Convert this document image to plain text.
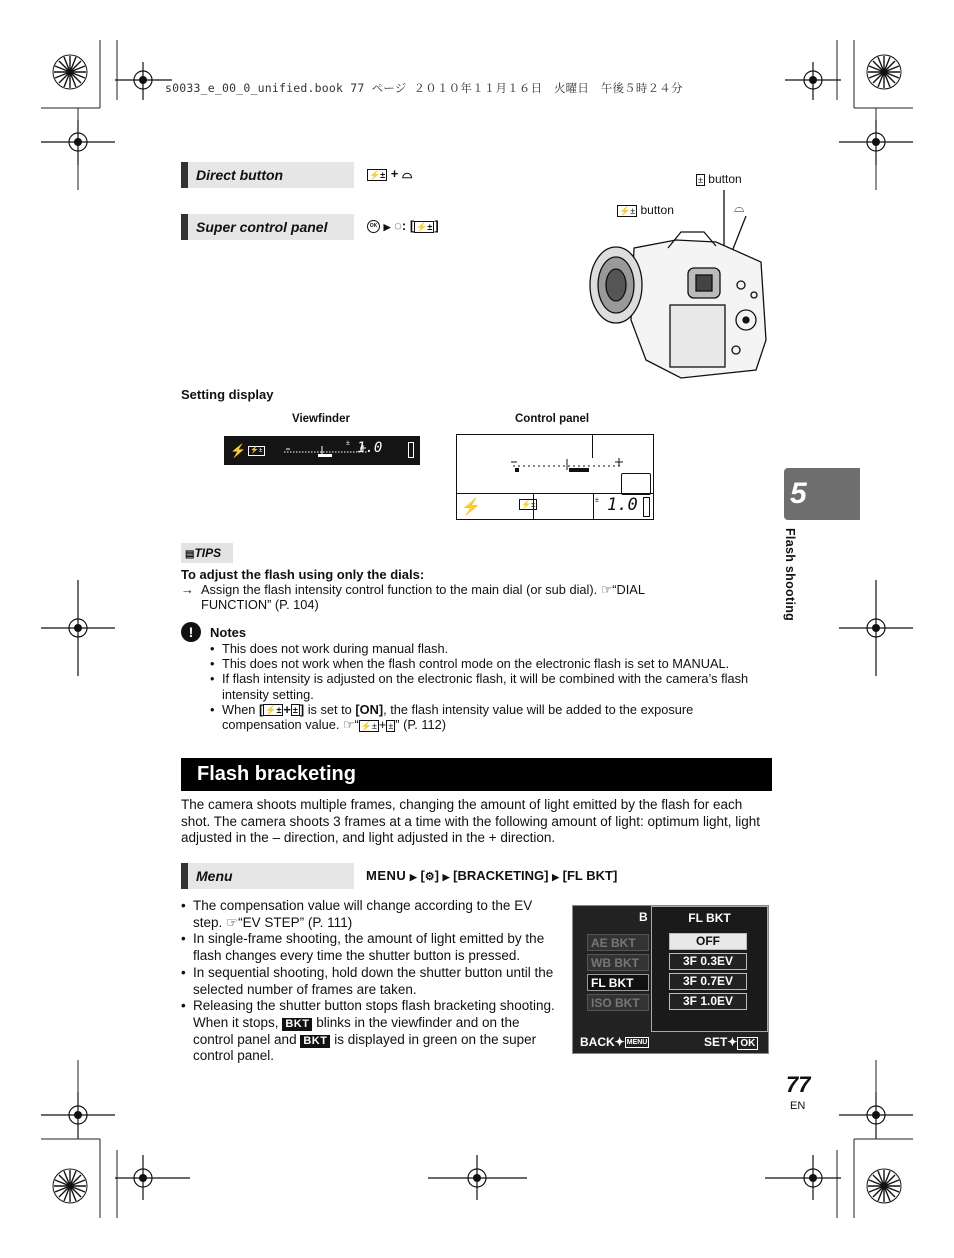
s0033_e_00_0_unified.book 77 ページ ２０１０年１１月１６日　火曜日　午後５時２４分
Direct button	⚡± + ⌓
Super control panel	OK ▶ ◌: [ ⚡± ]
± button
⚡± button	⌓
Setting display
Viewfinder	Control panel
⚡ ⚡±
± 1.0
⚡	⚡±	± 1.0
▤TIPS
To adjust the flash using only the dials:
→ Assign the flash intensity control function to the main dial (or sub dial). ☞“DIAL
FUNCTION” (P. 104)
!	Notes
• This does not work during manual flash.
• This does not work when the flash control mode on the electronic flash is set to MANUAL.
• If flash intensity is adjusted on the electronic flash, it will be combined with the camera’s flash intensity setting.
• When [ ⚡± + ± ] is set to [ON], the flash intensity value will be added to the exposure
compensation value. ☞“ ⚡± + ± ” (P. 112)
Flash bracketing
The camera shoots multiple frames, changing the amount of light emitted by the flash for each shot. The camera shoots 3 frames at a time with the following amount of light: optimum light, light adjusted in the – direction, and light adjusted in the + direction.
Menu	MENU ▶ [⚙] ▶ [BRACKETING] ▶ [FL BKT]
• The compensation value will change according to the EV step. ☞“EV STEP” (P. 111)
• In single-frame shooting, the amount of light emitted by the flash changes every time the shutter button is pressed.
• In sequential shooting, hold down the shutter button until the selected number of frames are taken.
• Releasing the shutter button stops flash bracketing shooting. When it stops, BKT blinks in the viewfinder and on the control panel and BKT is displayed in green on the super control panel.
B
AE BKT
WB BKT
FL BKT
ISO BKT
FL BKT
OFF
3F 0.3EV
3F 0.7EV
3F 1.0EV
BACK✦ MENU	SET✦ OK
5
Flash shooting
77
EN
